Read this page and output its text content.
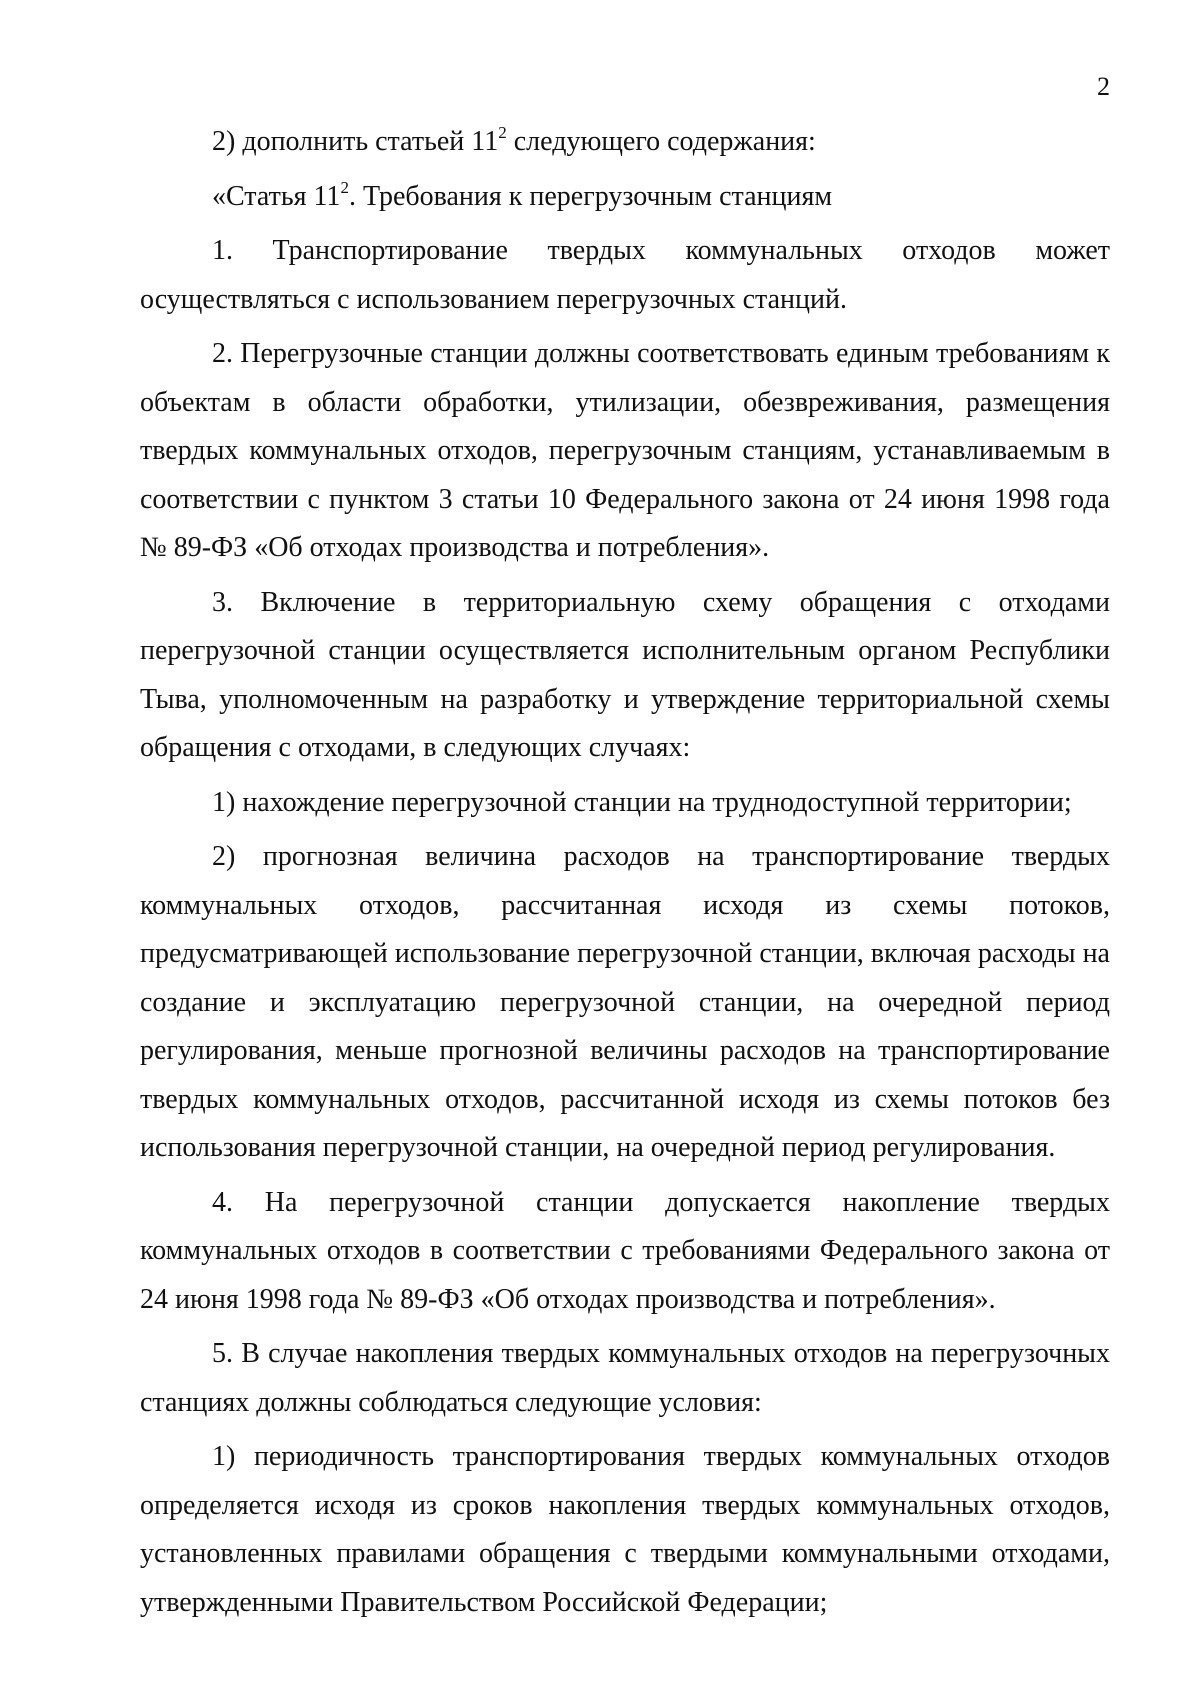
2

2) дополнить статьей $11^2$ следующего содержания:

«Статья $11^2$. Требования к перегрузочным станциям

1. Транспортирование твердых коммунальных отходов может осуществляться с использованием перегрузочных станций.

2. Перегрузочные станции должны соответствовать единым требованиям к объектам в области обработки, утилизации, обезвреживания, размещения твердых коммунальных отходов, перегрузочным станциям, устанавливаемым в соответствии с пунктом 3 статьи 10 Федерального закона от 24 июня 1998 года № 89-ФЗ «Об отходах производства и потребления».

3. Включение в территориальную схему обращения с отходами перегрузочной станции осуществляется исполнительным органом Республики Тыва, уполномоченным на разработку и утверждение территориальной схемы обращения с отходами, в следующих случаях:

1) нахождение перегрузочной станции на труднодоступной территории;

2) прогнозная величина расходов на транспортирование твердых коммунальных отходов, рассчитанная исходя из схемы потоков, предусматривающей использование перегрузочной станции, включая расходы на создание и эксплуатацию перегрузочной станции, на очередной период регулирования, меньше прогнозной величины расходов на транспортирование твердых коммунальных отходов, рассчитанной исходя из схемы потоков без использования перегрузочной станции, на очередной период регулирования.

4. На перегрузочной станции допускается накопление твердых коммунальных отходов в соответствии с требованиями Федерального закона от 24 июня 1998 года № 89-ФЗ «Об отходах производства и потребления».

5. В случае накопления твердых коммунальных отходов на перегрузочных станциях должны соблюдаться следующие условия:

1) периодичность транспортирования твердых коммунальных отходов определяется исходя из сроков накопления твердых коммунальных отходов, установленных правилами обращения с твердыми коммунальными отходами, утвержденными Правительством Российской Федерации;
